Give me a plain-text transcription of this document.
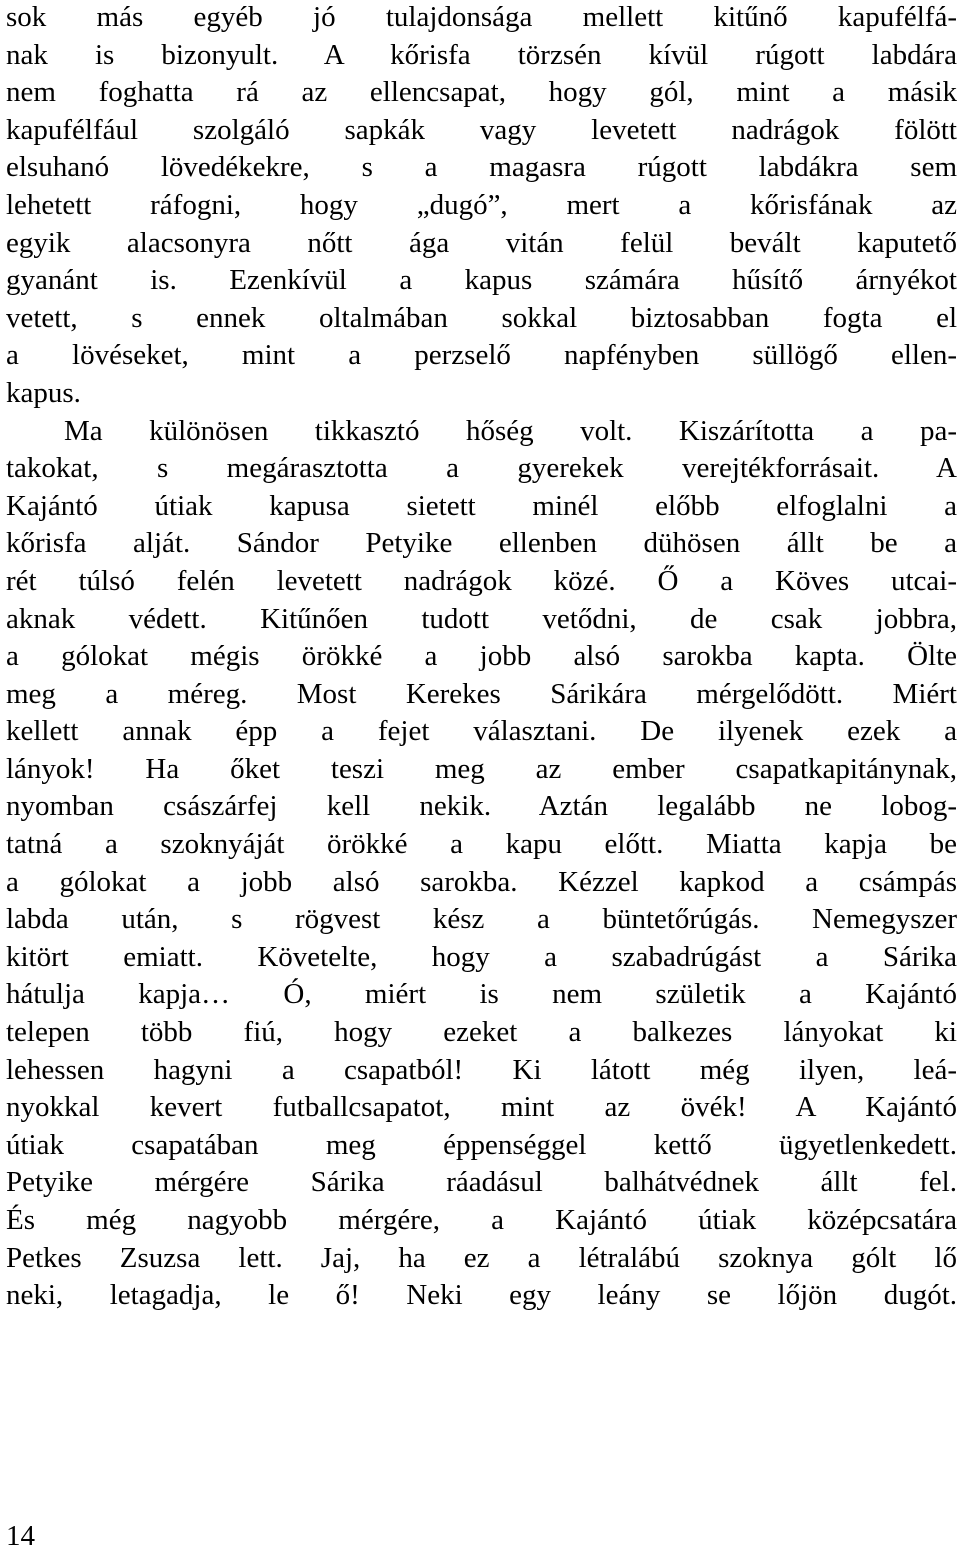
sok más egyéb jó tulajdonsága mellett kitűnő kapufélfá-
nak is bizonyult. A kőrisfa törzsén kívül rúgott labdára
nem foghatta rá az ellencsapat, hogy gól, mint a másik
kapufélfául szolgáló sapkák vagy levetett nadrágok fölött
elsuhanó lövedékekre, s a magasra rúgott labdákra sem
lehetett ráfogni, hogy „dugó”, mert a kőrisfának az
egyik alacsonyra nőtt ága vitán felül bevált kaputető
gyanánt is. Ezenkívül a kapus számára hűsítő árnyékot
vetett, s ennek oltalmában sokkal biztosabban fogta el
a lövéseket, mint a perzselő napfényben süllögő ellen-
kapus.
Ma különösen tikkasztó hőség volt. Kiszárította a pa-
takokat, s megárasztotta a gyerekek verejtékforrásait. A
Kajántó útiak kapusa sietett minél előbb elfoglalni a
kőrisfa alját. Sándor Petyike ellenben dühösen állt be a
rét túlsó felén levetett nadrágok közé. Ő a Köves utcai-
aknak védett. Kitűnően tudott vetődni, de csak jobbra,
a gólokat mégis örökké a jobb alsó sarokba kapta. Ölte
meg a méreg. Most Kerekes Sárikára mérgelődött. Miért
kellett annak épp a fejet választani. De ilyenek ezek a
lányok! Ha őket teszi meg az ember csapatkapitánynak,
nyomban császárfej kell nekik. Aztán legalább ne lobog-
tatná a szoknyáját örökké a kapu előtt. Miatta kapja be
a gólokat a jobb alsó sarokba. Kézzel kapkod a csámpás
labda után, s rögvest kész a büntetőrúgás. Nemegyszer
kitört emiatt. Követelte, hogy a szabadrúgást a Sárika
hátulja kapja… Ó, miért is nem születik a Kajántó
telepen több fiú, hogy ezeket a balkezes lányokat ki
lehessen hagyni a csapatból! Ki látott még ilyen, leá-
nyokkal kevert futballcsapatot, mint az övék! A Kajántó
útiak csapatában meg éppenséggel kettő ügyetlenkedett.
Petyike mérgére Sárika ráadásul balhátvédnek állt fel.
És még nagyobb mérgére, a Kajántó útiak középcsatára
Petkes Zsuzsa lett. Jaj, ha ez a létralábú szoknya gólt lő
neki, letagadja, le ő! Neki egy leány se lőjön dugót.
14
